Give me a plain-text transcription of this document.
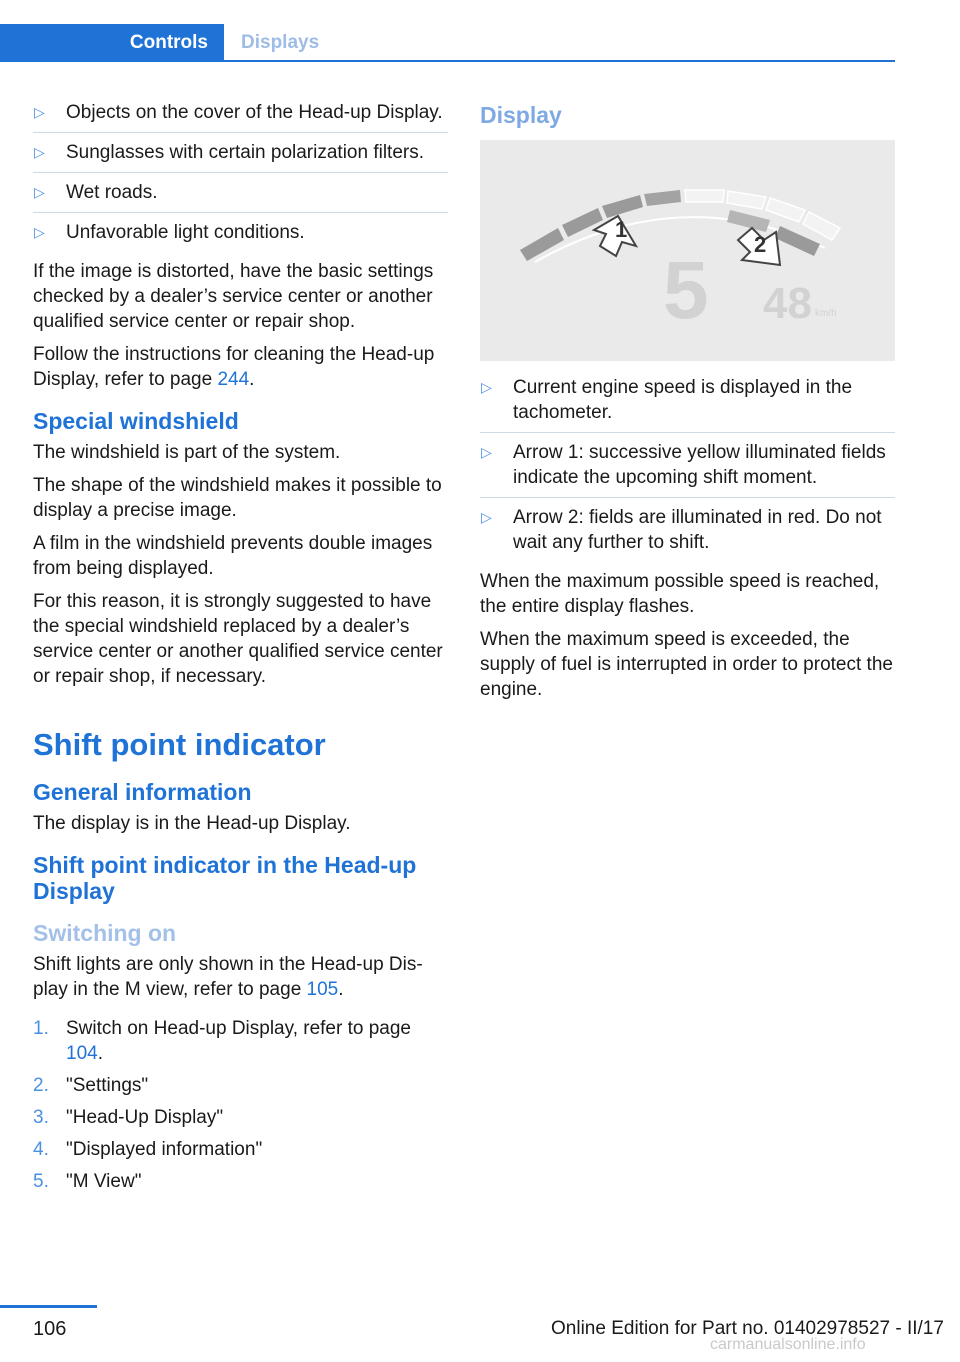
Controls Displays
▷ Objects on the cover of the Head-up Display.
▷ Sunglasses with certain polarization filters.
▷ Wet roads.
▷ Unfavorable light conditions.

If the image is distorted, have the basic settings checked by a dealer’s service center or another qualified service center or repair shop.

Follow the instructions for cleaning the Head-up Display, refer to page 244.

Special windshield

The windshield is part of the system.

The shape of the windshield makes it possible to display a precise image.

A film in the windshield prevents double images from being displayed.

For this reason, it is strongly suggested to have the special windshield replaced by a dealer’s service center or another qualified service center or repair shop, if necessary.

Shift point indicator
General information

The display is in the Head-up Display.

Shift point indicator in the Head-up Display
Switching on

Shift lights are only shown in the Head-up Display in the M view, refer to page 105.

1. Switch on Head-up Display, refer to page 104.
2. "Settings"
3. "Head-Up Display"
4. "Displayed information"
5. "M View"
Display
1
2
5 48 km/h
▷ Current engine speed is displayed in the tachometer.
▷ Arrow 1: successive yellow illuminated fields indicate the upcoming shift moment.
▷ Arrow 2: fields are illuminated in red. Do not wait any further to shift.

When the maximum possible speed is reached, the entire display flashes.

When the maximum speed is exceeded, the supply of fuel is interrupted in order to protect the engine.

106	Online Edition for Part no. 01402978527 - II/17
carmanualsonline.info
